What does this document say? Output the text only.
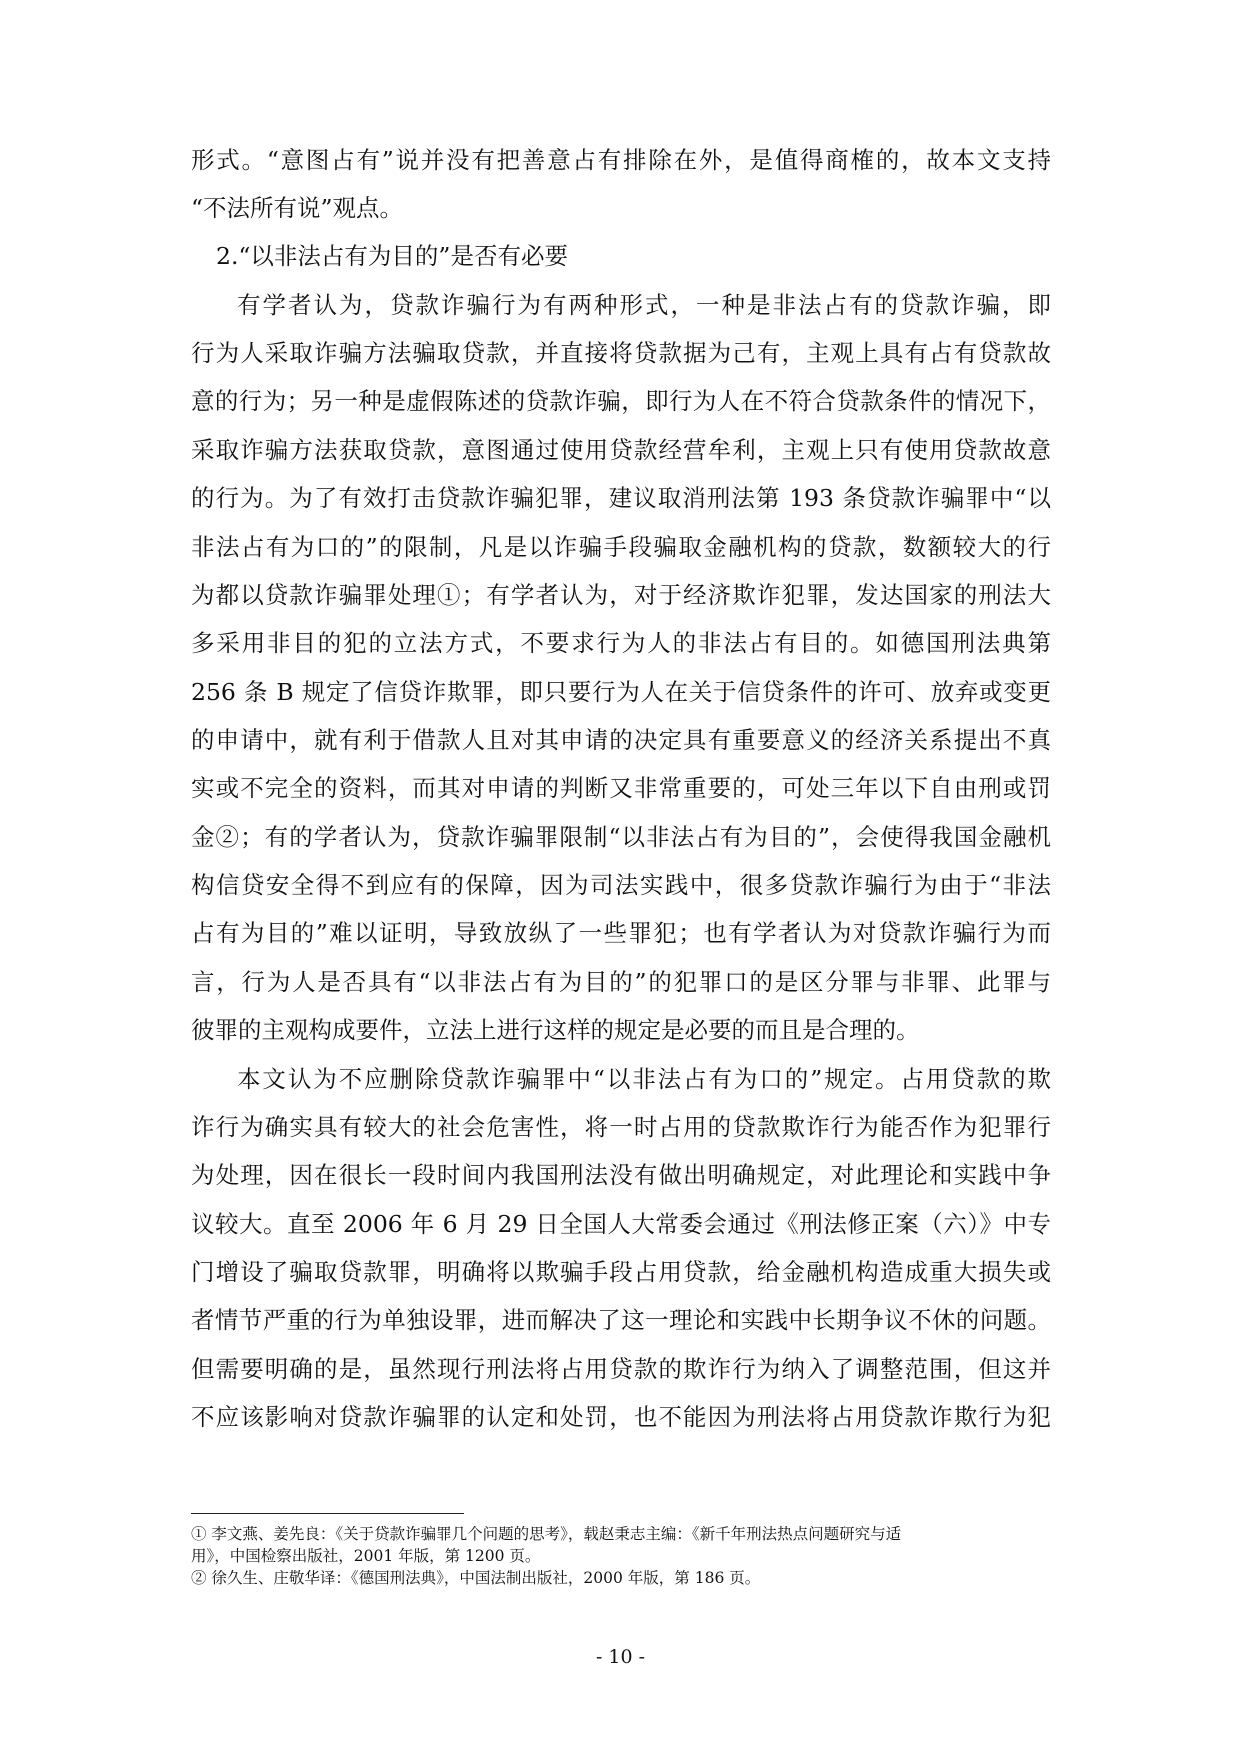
形式。“意图占有”说并没有把善意占有排除在外，是值得商榷的，故本文支持
“不法所有说”观点。
2.“以非法占有为目的”是否有必要
有学者认为，贷款诈骗行为有两种形式，一种是非法占有的贷款诈骗，即
行为人采取诈骗方法骗取贷款，并直接将贷款据为己有，主观上具有占有贷款故
意的行为；另一种是虚假陈述的贷款诈骗，即行为人在不符合贷款条件的情况下，
采取诈骗方法获取贷款，意图通过使用贷款经营牟利，主观上只有使用贷款故意
的行为。为了有效打击贷款诈骗犯罪，建议取消刑法第 193 条贷款诈骗罪中“以
非法占有为口的”的限制，凡是以诈骗手段骗取金融机构的贷款，数额较大的行
为都以贷款诈骗罪处理①；有学者认为，对于经济欺诈犯罪，发达国家的刑法大
多采用非目的犯的立法方式，不要求行为人的非法占有目的。如德国刑法典第
256 条 B 规定了信贷诈欺罪，即只要行为人在关于信贷条件的许可、放弃或变更
的申请中，就有利于借款人且对其申请的决定具有重要意义的经济关系提出不真
实或不完全的资料，而其对申请的判断又非常重要的，可处三年以下自由刑或罚
金②；有的学者认为，贷款诈骗罪限制“以非法占有为目的”，会使得我国金融机
构信贷安全得不到应有的保障，因为司法实践中，很多贷款诈骗行为由于“非法
占有为目的”难以证明，导致放纵了一些罪犯；也有学者认为对贷款诈骗行为而
言，行为人是否具有“以非法占有为目的”的犯罪口的是区分罪与非罪、此罪与
彼罪的主观构成要件，立法上进行这样的规定是必要的而且是合理的。
本文认为不应删除贷款诈骗罪中“以非法占有为口的”规定。占用贷款的欺
诈行为确实具有较大的社会危害性，将一时占用的贷款欺诈行为能否作为犯罪行
为处理，因在很长一段时间内我国刑法没有做出明确规定，对此理论和实践中争
议较大。直至 2006 年 6 月 29 日全国人大常委会通过《刑法修正案（六）》中专
门增设了骗取贷款罪，明确将以欺骗手段占用贷款，给金融机构造成重大损失或
者情节严重的行为单独设罪，进而解决了这一理论和实践中长期争议不休的问题。
但需要明确的是，虽然现行刑法将占用贷款的欺诈行为纳入了调整范围，但这并
不应该影响对贷款诈骗罪的认定和处罚，也不能因为刑法将占用贷款诈欺行为犯
① 李文燕、姜先良：《关于贷款诈骗罪几个问题的思考》，载赵秉志主编：《新千年刑法热点问题研究与适
用》，中国检察出版社，2001 年版，第 1200 页。
② 徐久生、庄敬华译：《德国刑法典》，中国法制出版社，2000 年版，第 186 页。
- 10 -
